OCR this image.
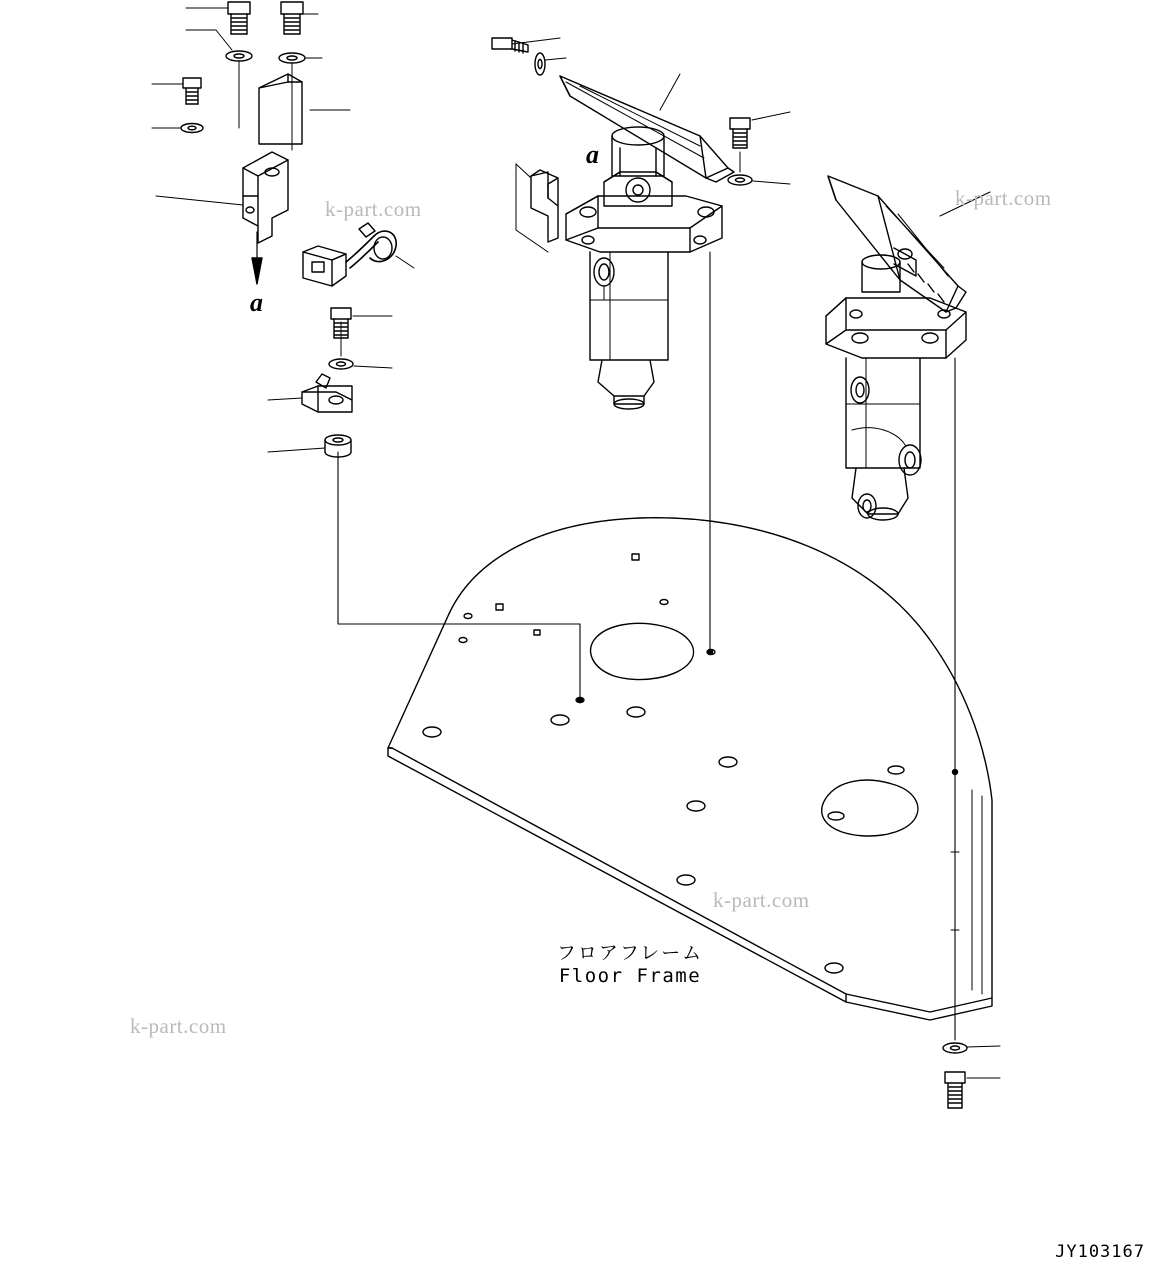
a
a
k-part.com	k-part.com
k-part.com
k-part.com
フロアフレーム
Floor Frame
JY103167
